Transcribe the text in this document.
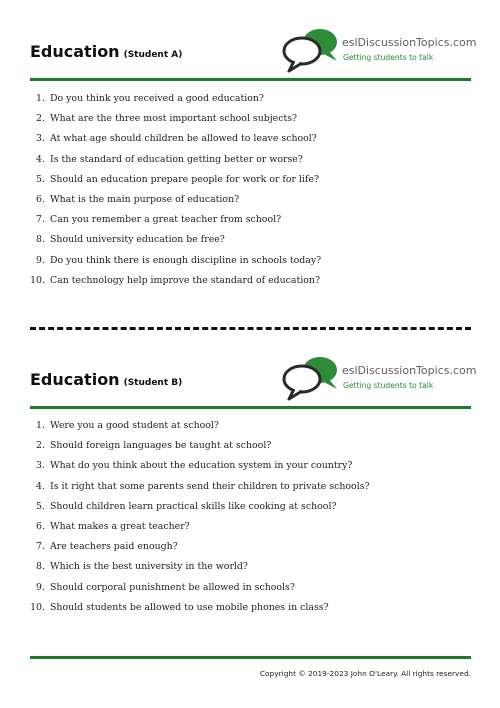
Education (Student A)
eslDiscussionTopics.com
Getting students to talk
1. Do you think you received a good education?
2. What are the three most important school subjects?
3. At what age should children be allowed to leave school?
4. Is the standard of education getting better or worse?
5. Should an education prepare people for work or for life?
6. What is the main purpose of education?
7. Can you remember a great teacher from school?
8. Should university education be free?
9. Do you think there is enough discipline in schools today?
10. Can technology help improve the standard of education?
Education (Student B)
eslDiscussionTopics.com
Getting students to talk
1. Were you a good student at school?
2. Should foreign languages be taught at school?
3. What do you think about the education system in your country?
4. Is it right that some parents send their children to private schools?
5. Should children learn practical skills like cooking at school?
6. What makes a great teacher?
7. Are teachers paid enough?
8. Which is the best university in the world?
9. Should corporal punishment be allowed in schools?
10. Should students be allowed to use mobile phones in class?
Copyright © 2019-2023 John O'Leary. All rights reserved.
